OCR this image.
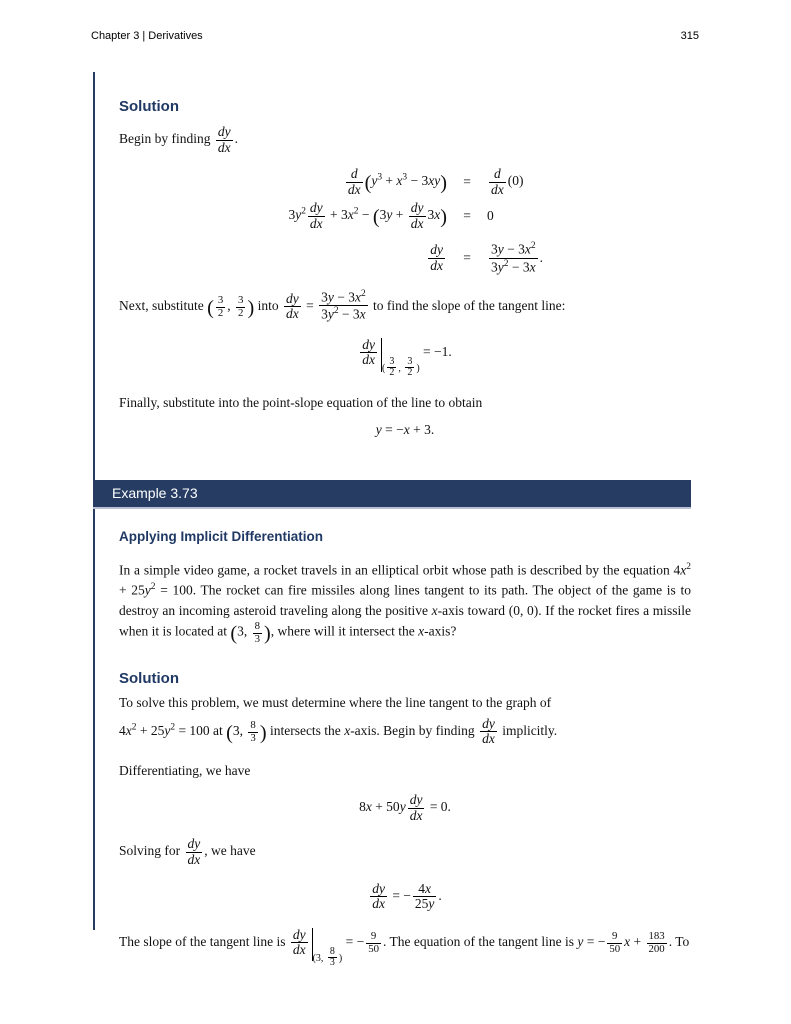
Chapter 3 | Derivatives	315
Solution

Begin by finding $\frac{dy}{dx}$ .

$\frac{d}{dx} (y^3 + x^3 - 3xy)$	=	$\frac{d}{dx} (0)$
$3y^2 \frac{dy}{dx} + 3x^2 - (3y + \frac{dy}{dx} 3x)$	=	0
$\frac{dy}{dx}$	=	$\frac{3y - 3x^2}{3y^2 - 3x}$ .

Next, substitute ( $\frac{3}{2}$ , $\frac{3}{2}$ ) into $\frac{dy}{dx} = \frac{3y - 3x^2}{3y^2 - 3x}$ to find the slope of the tangent line:

$\frac{dy}{dx}$
( $\frac{3}{2}$ , $\frac{3}{2}$ ) = −1.

Finally, substitute into the point-slope equation of the line to obtain

y = −x + 3.
Example 3.73
Applying Implicit Differentiation

In a simple video game, a rocket travels in an elliptical orbit whose path is described by the equation $4x^2 + 25y^2 = 100$. The rocket can fire missiles along lines tangent to its path. The object of the game is to destroy an incoming asteroid traveling along the positive x-axis toward (0, 0). If the rocket fires a missile when it is located at (3, $\frac{8}{3}$ ), where will it intersect the x-axis?

Solution

To solve this problem, we must determine where the line tangent to the graph of

$4x^2 + 25y^2 = 100$ at (3, $\frac{8}{3}$ ) intersects the x-axis. Begin by finding $\frac{dy}{dx}$ implicitly.

Differentiating, we have

$8x + 50y \frac{dy}{dx} = 0$.

Solving for $\frac{dy}{dx}$ , we have

$\frac{dy}{dx}$ = − $\frac{4x}{25y}$ .

The slope of the tangent line is $\frac{dy}{dx}$
(3, $\frac{8}{3}$ ) = − $\frac{9}{50}$ . The equation of the tangent line is y = − $\frac{9}{50}$ $x + \frac{183}{200}$ . To
